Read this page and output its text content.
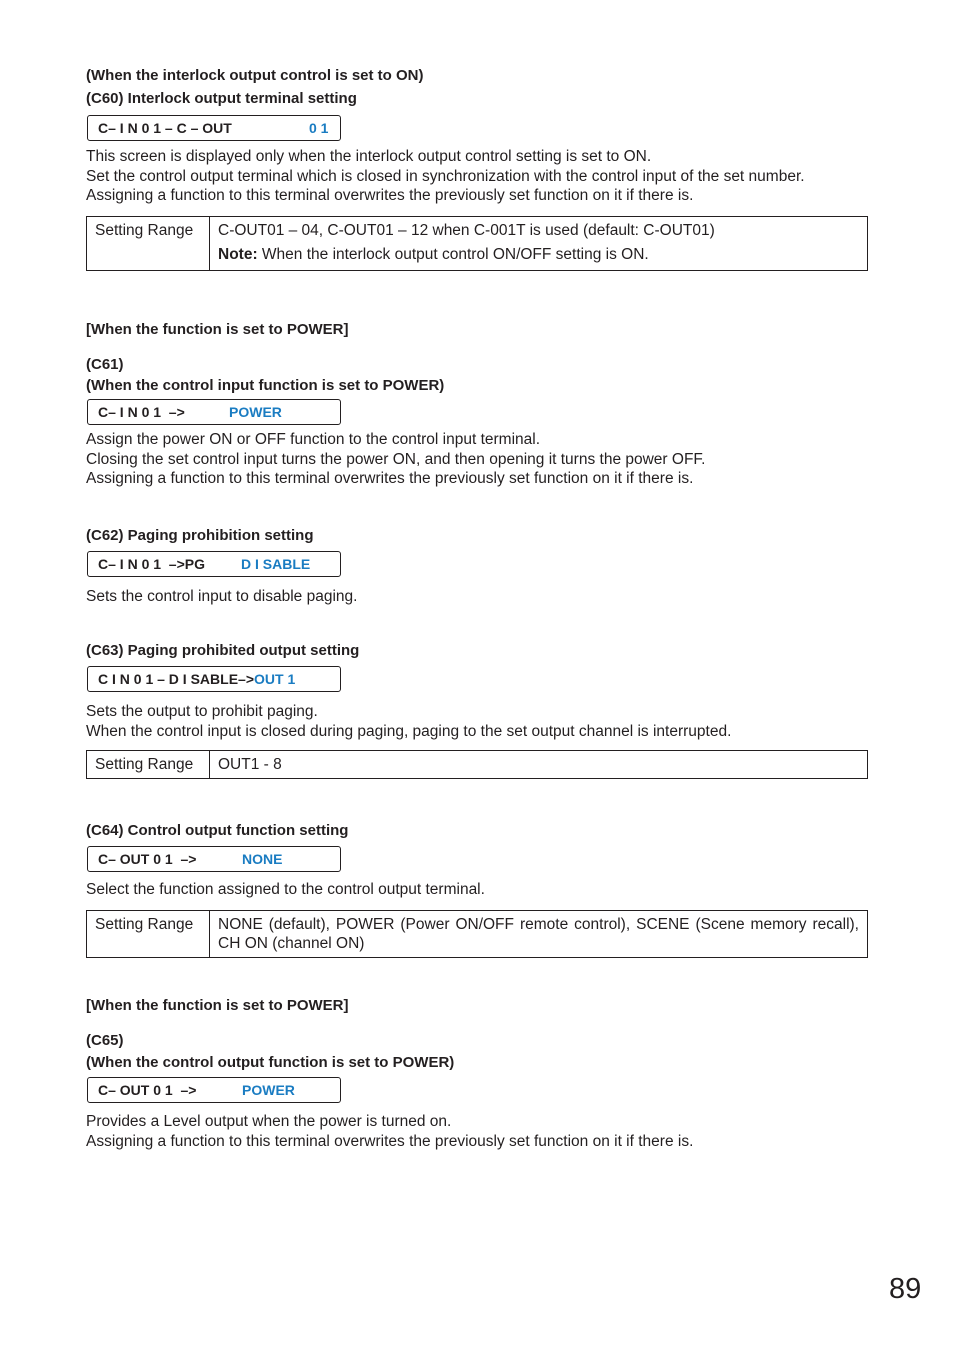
(When the interlock output control is set to ON)
(C60) Interlock output terminal setting
C– I N 0 1 – C – OUT	0 1
This screen is displayed only when the interlock output control setting is set to ON.
Set the control output terminal which is closed in synchronization with the control input of the set number.
Assigning a function to this terminal overwrites the previously set function on it if there is.
Setting Range	C-OUT01 – 04, C-OUT01 – 12 when C-001T is used (default: C-OUT01)
Note: When the interlock output control ON/OFF setting is ON.
[When the function is set to POWER]
(C61)
(When the control input function is set to POWER)
C– I N 0 1  –>	POWER
Assign the power ON or OFF function to the control input terminal.
Closing the set control input turns the power ON, and then opening it turns the power OFF.
Assigning a function to this terminal overwrites the previously set function on it if there is.
(C62) Paging prohibition setting
C– I N 0 1  –>PG	D I SABLE
Sets the control input to disable paging.
(C63) Paging prohibited output setting
C I N 0 1 – D I SABLE–>OUT 1
Sets the output to prohibit paging.
When the control input is closed during paging, paging to the set output channel is interrupted.
Setting Range	OUT1 - 8
(C64) Control output function setting
C– OUT 0 1  –>	NONE
Select the function assigned to the control output terminal.
Setting Range	NONE (default), POWER (Power ON/OFF remote control), SCENE (Scene memory recall), CH ON (channel ON)
[When the function is set to POWER]
(C65)
(When the control output function is set to POWER)
C– OUT 0 1  –>	POWER
Provides a Level output when the power is turned on.
Assigning a function to this terminal overwrites the previously set function on it if there is.
89
